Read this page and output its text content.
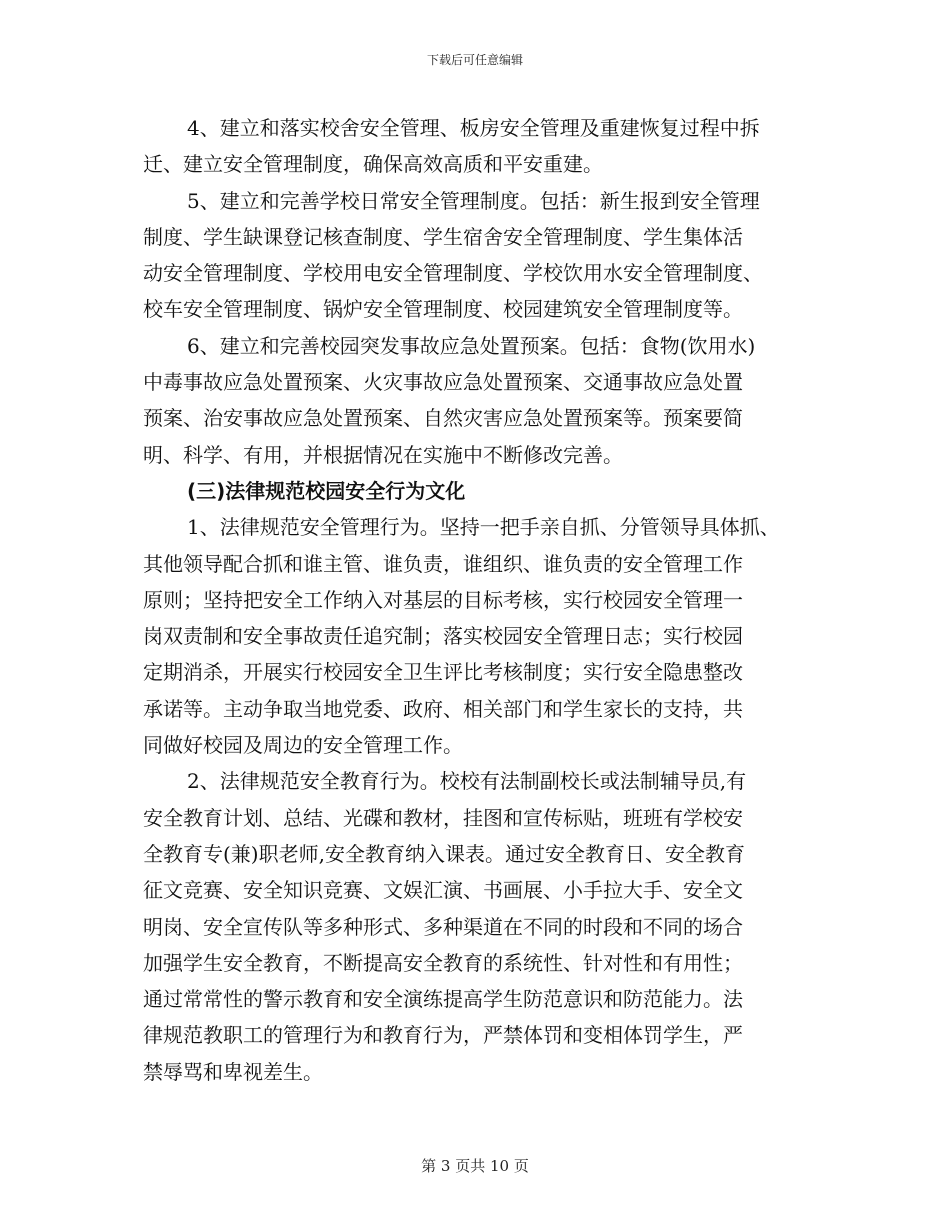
下载后可任意编辑
4、建立和落实校舍安全管理、板房安全管理及重建恢复过程中拆
迁、建立安全管理制度，确保高效高质和平安重建。
5、建立和完善学校日常安全管理制度。包括：新生报到安全管理
制度、学生缺课登记核查制度、学生宿舍安全管理制度、学生集体活
动安全管理制度、学校用电安全管理制度、学校饮用水安全管理制度、
校车安全管理制度、锅炉安全管理制度、校园建筑安全管理制度等。
6、建立和完善校园突发事故应急处置预案。包括：食物(饮用水)
中毒事故应急处置预案、火灾事故应急处置预案、交通事故应急处置
预案、治安事故应急处置预案、自然灾害应急处置预案等。预案要简
明、科学、有用，并根据情况在实施中不断修改完善。
(三)法律规范校园安全行为文化
1、法律规范安全管理行为。坚持一把手亲自抓、分管领导具体抓、
其他领导配合抓和谁主管、谁负责，谁组织、谁负责的安全管理工作
原则；坚持把安全工作纳入对基层的目标考核，实行校园安全管理一
岗双责制和安全事故责任追究制；落实校园安全管理日志；实行校园
定期消杀，开展实行校园安全卫生评比考核制度；实行安全隐患整改
承诺等。主动争取当地党委、政府、相关部门和学生家长的支持，共
同做好校园及周边的安全管理工作。
2、法律规范安全教育行为。校校有法制副校长或法制辅导员,有
安全教育计划、总结、光碟和教材，挂图和宣传标贴，班班有学校安
全教育专(兼)职老师,安全教育纳入课表。通过安全教育日、安全教育
征文竞赛、安全知识竞赛、文娱汇演、书画展、小手拉大手、安全文
明岗、安全宣传队等多种形式、多种渠道在不同的时段和不同的场合
加强学生安全教育，不断提高安全教育的系统性、针对性和有用性；
通过常常性的警示教育和安全演练提高学生防范意识和防范能力。法
律规范教职工的管理行为和教育行为，严禁体罚和变相体罚学生，严
禁辱骂和卑视差生。
第 3 页共 10 页
